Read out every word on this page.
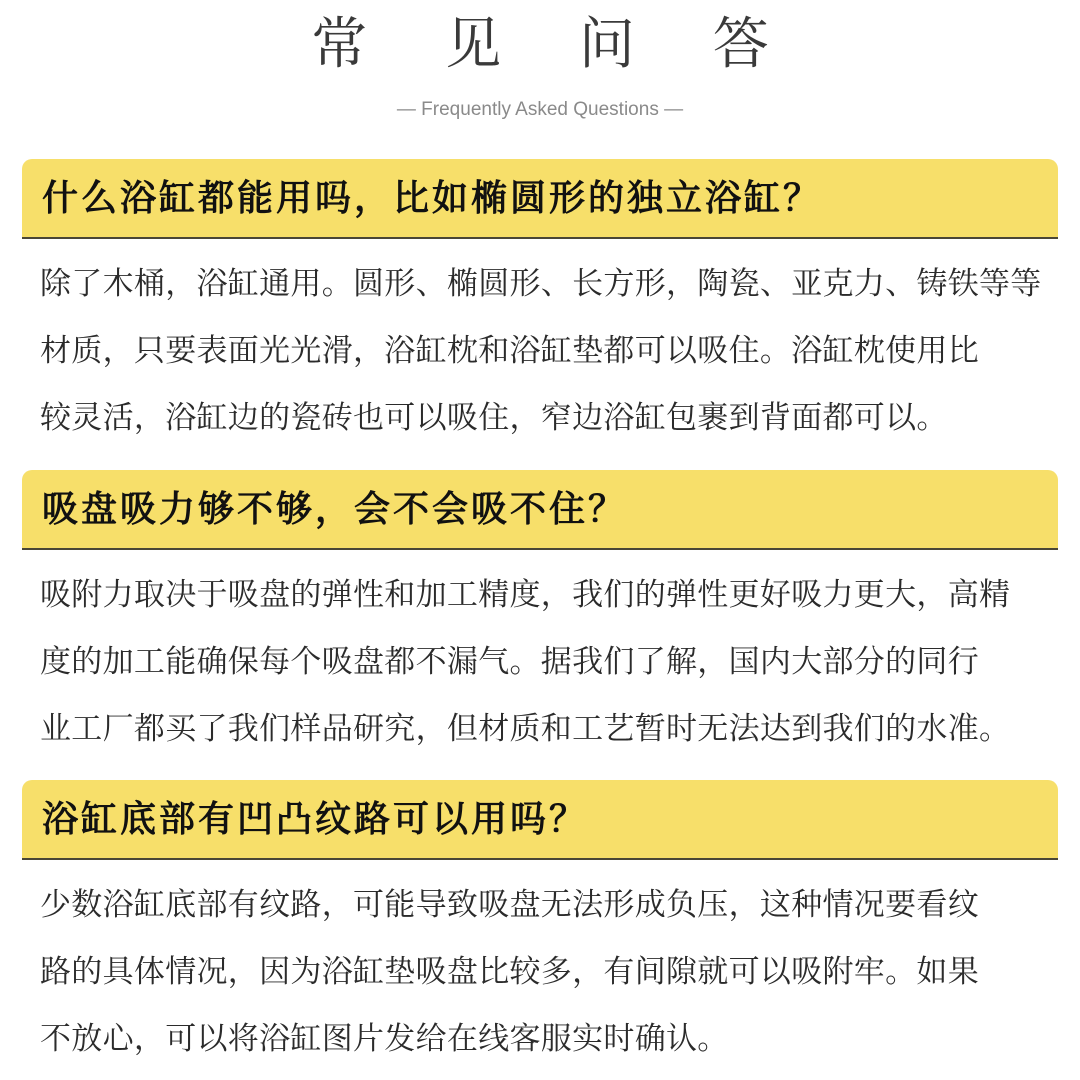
常 见 问 答
— Frequently Asked Questions —
什么浴缸都能用吗，比如椭圆形的独立浴缸？
除了木桶，浴缸通用。圆形、椭圆形、长方形，陶瓷、亚克力、铸铁等等
材质，只要表面光光滑，浴缸枕和浴缸垫都可以吸住。浴缸枕使用比
较灵活，浴缸边的瓷砖也可以吸住，窄边浴缸包裹到背面都可以。
吸盘吸力够不够，会不会吸不住？
吸附力取决于吸盘的弹性和加工精度，我们的弹性更好吸力更大，高精
度的加工能确保每个吸盘都不漏气。据我们了解，国内大部分的同行
业工厂都买了我们样品研究，但材质和工艺暂时无法达到我们的水准。
浴缸底部有凹凸纹路可以用吗？
少数浴缸底部有纹路，可能导致吸盘无法形成负压，这种情况要看纹
路的具体情况，因为浴缸垫吸盘比较多，有间隙就可以吸附牢。如果
不放心，可以将浴缸图片发给在线客服实时确认。
